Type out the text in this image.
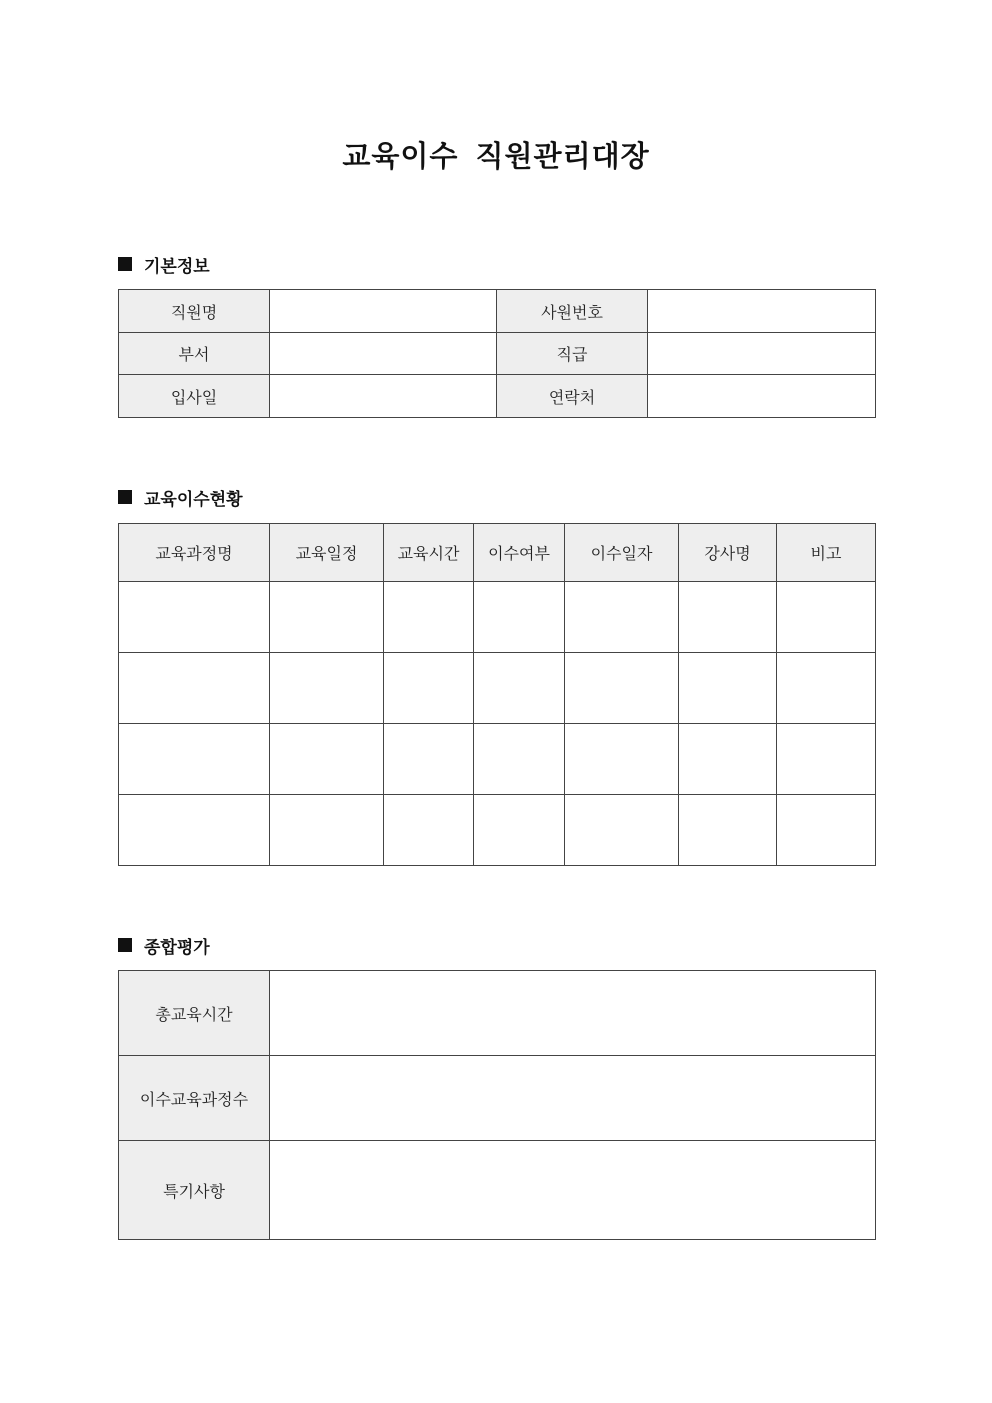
교육이수 직원관리대장
기본정보
직원명		사원번호	
부서		직급	
입사일		연락처	
교육이수현황
교육과정명	교육일정	교육시간	이수여부	이수일자	강사명	비고

종합평가
총교육시간	
이수교육과정수	
특기사항	
